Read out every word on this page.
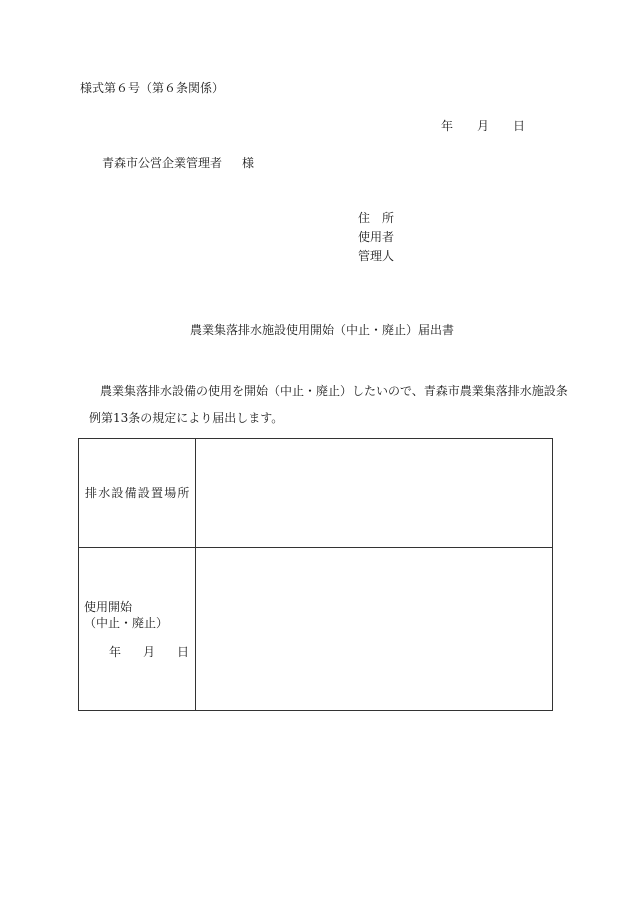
様式第６号（第６条関係）
年 月 日
青森市公営企業管理者 様
住　所
使用者
管理人
農業集落排水施設使用開始（中止・廃止）届出書
農業集落排水設備の使用を開始（中止・廃止）したいので、青森市農業集落排水施設条
例第13条の規定により届出します。
排水設備設置場所
使用開始
（中止・廃止）
年 月 日
